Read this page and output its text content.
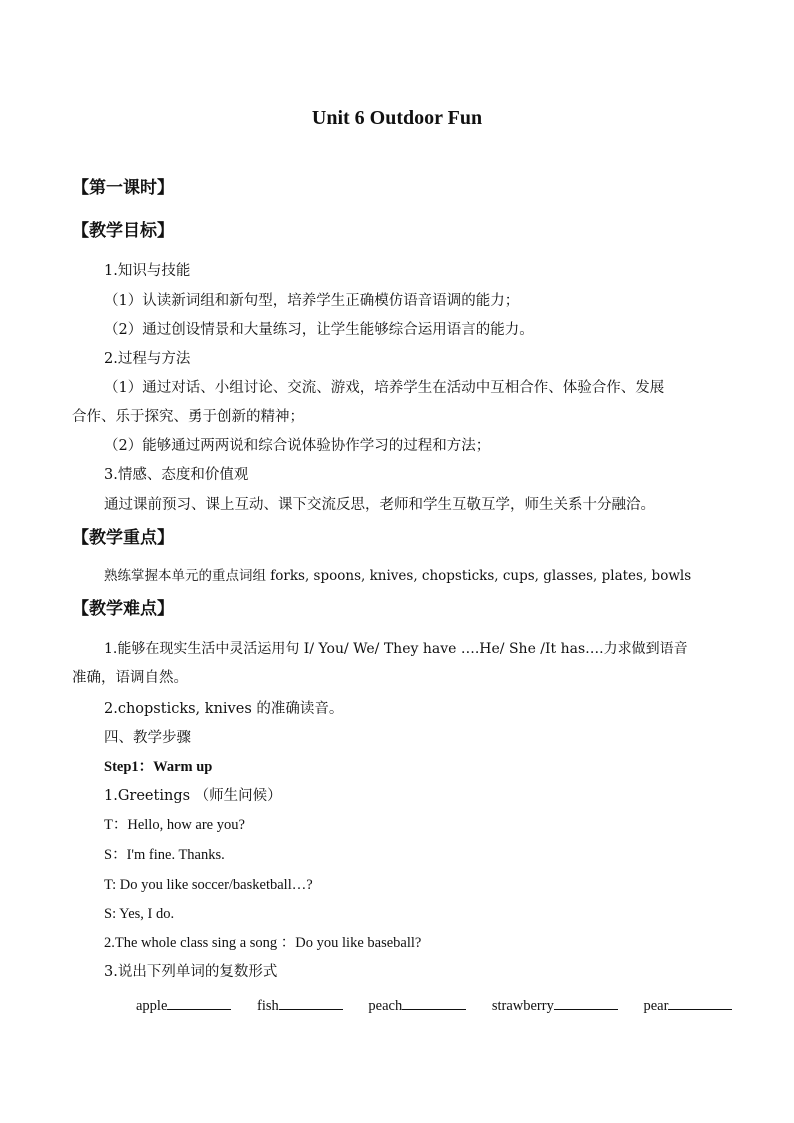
Unit 6 Outdoor Fun
【第一课时】
【教学目标】
1.知识与技能
（1）认读新词组和新句型，培养学生正确模仿语音语调的能力；
（2）通过创设情景和大量练习，让学生能够综合运用语言的能力。
2.过程与方法
（1）通过对话、小组讨论、交流、游戏，培养学生在活动中互相合作、体验合作、发展
合作、乐于探究、勇于创新的精神；
（2）能够通过两两说和综合说体验协作学习的过程和方法；
3.情感、态度和价值观
通过课前预习、课上互动、课下交流反思，老师和学生互敬互学，师生关系十分融洽。
【教学重点】
熟练掌握本单元的重点词组 forks, spoons, knives, chopsticks, cups, glasses, plates, bowls
【教学难点】
1.能够在现实生活中灵活运用句 I/ You/ We/ They have ….He/ She /It has….力求做到语音
准确，语调自然。
2.chopsticks, knives 的准确读音。
四、教学步骤
Step1：Warm up
1.Greetings （师生问候）
T：Hello, how are you?
S：I'm fine. Thanks.
T: Do you like soccer/basketball…?
S: Yes, I do.
2.The whole class sing a song ：Do you like baseball?
3.说出下列单词的复数形式
apple	fish	peach	strawberry	pear
